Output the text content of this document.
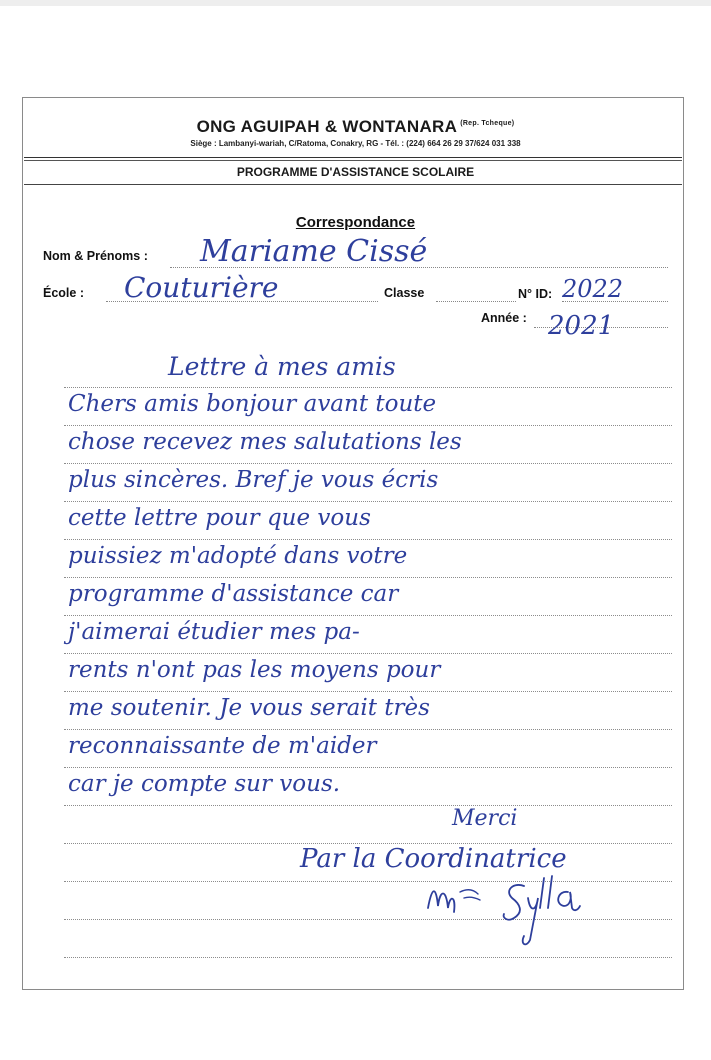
ONG AGUIPAH & WONTANARA $^{(Rep. Tcheque)}$
Siège : Lambanyi-wariah, C/Ratoma, Conakry, RG - Tél. : (224) 664 26 29 37/624 031 338
PROGRAMME D'ASSISTANCE SCOLAIRE
Correspondance
Nom & Prénoms : Mariame Cissé
École : Couturière	Classe	N° ID: 2022
Année : 2021
Lettre à mes amis
Chers amis bonjour avant toute
chose recevez mes salutations les
plus sincères. Bref je vous écris
cette lettre pour que vous
puissiez m'adopté dans votre
programme d'assistance car
j'aimerai étudier mes pa-
rents n'ont pas les moyens pour
me soutenir. Je vous serait très
reconnaissante de m'aider
car je compte sur vous.
Merci
Par la Coordinatrice
